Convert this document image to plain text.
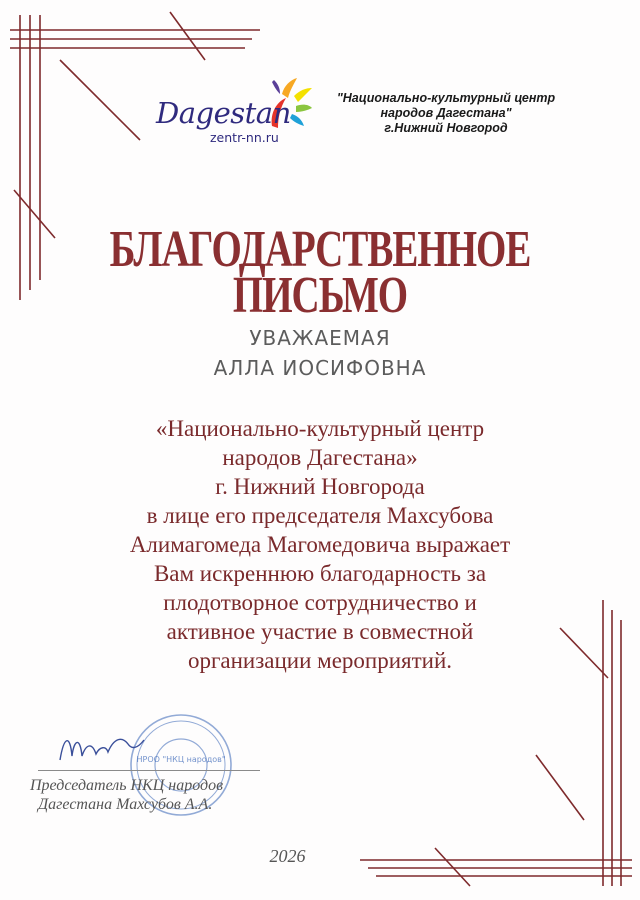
Dagestan
zentr-nn.ru
"Национально-культурный центр
народов Дагестана"
г.Нижний Новгород
БЛАГОДАРСТВЕННОЕ
ПИСЬМО
УВАЖАЕМАЯ
АЛЛА ИОСИФОВНА
«Национально-культурный центр
народов Дагестана»
г. Нижний Новгорода
в лице его председателя Махсубова
Алимагомеда Магомедовича выражает
Вам искреннюю благодарность за
плодотворное сотрудничество и
активное участие в совместной
организации мероприятий.
НРОО "НКЦ народов"
Председатель НКЦ народов
Дагестана Махсубов А.А.
2026
